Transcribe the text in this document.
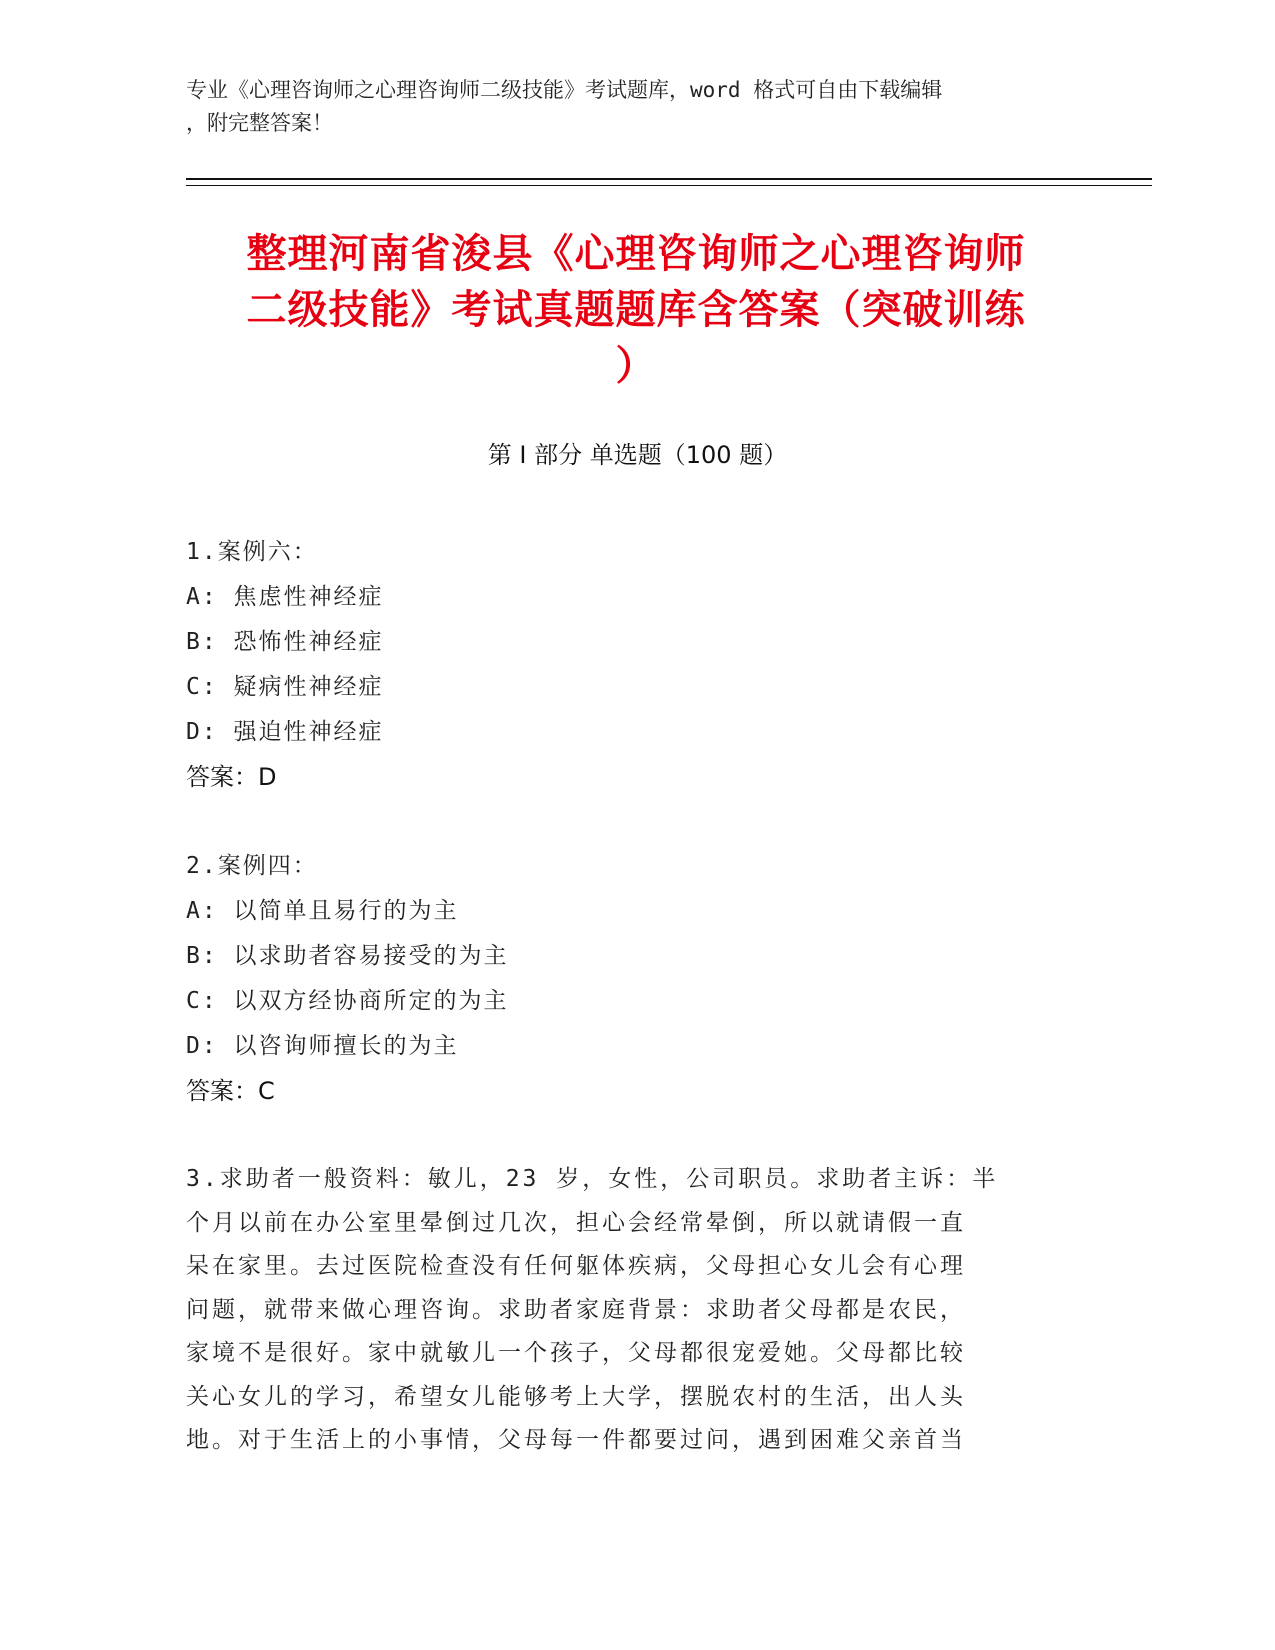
专业《心理咨询师之心理咨询师二级技能》考试题库，word 格式可自由下载编辑
，附完整答案！
整理河南省浚县《心理咨询师之心理咨询师
二级技能》考试真题题库含答案（突破训练
）
第 I 部分 单选题（100 题）
1.案例六：
A: 焦虑性神经症
B: 恐怖性神经症
C: 疑病性神经症
D: 强迫性神经症
答案：D
2.案例四：
A: 以简单且易行的为主
B: 以求助者容易接受的为主
C: 以双方经协商所定的为主
D: 以咨询师擅长的为主
答案：C
3.求助者一般资料：敏儿，23 岁，女性，公司职员。求助者主诉：半
个月以前在办公室里晕倒过几次，担心会经常晕倒，所以就请假一直
呆在家里。去过医院检查没有任何躯体疾病，父母担心女儿会有心理
问题，就带来做心理咨询。求助者家庭背景：求助者父母都是农民，
家境不是很好。家中就敏儿一个孩子，父母都很宠爱她。父母都比较
关心女儿的学习，希望女儿能够考上大学，摆脱农村的生活，出人头
地。对于生活上的小事情，父母每一件都要过问，遇到困难父亲首当
